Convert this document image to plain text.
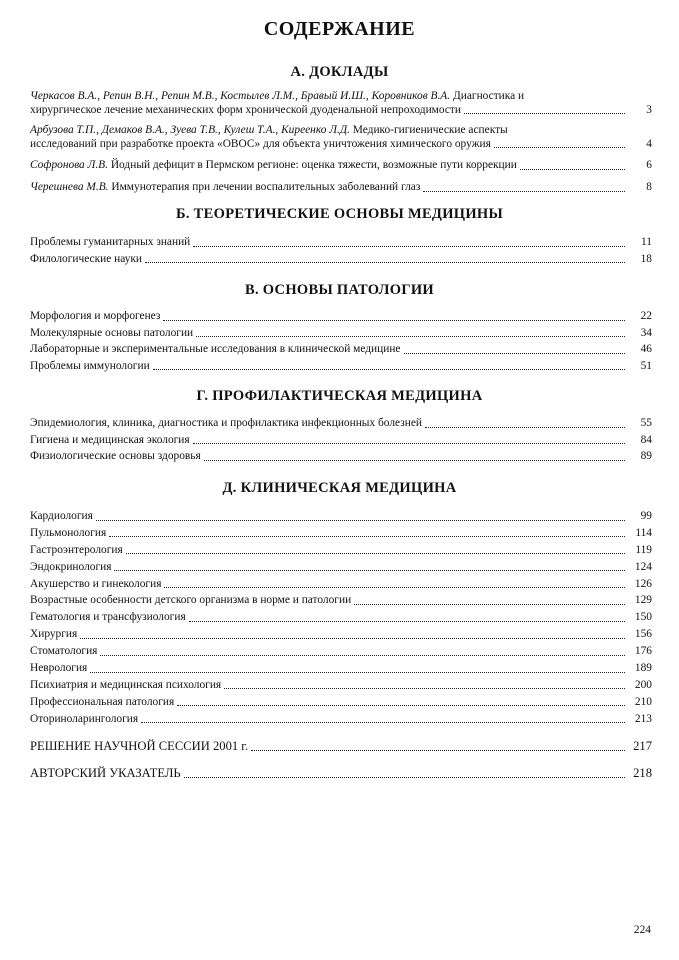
СОДЕРЖАНИЕ
А. ДОКЛАДЫ
Черкасов В.А., Репин В.Н., Репин М.В., Костылев Л.М., Бравый И.Ш., Коровников В.А. Диагностика и
хирургическое лечение механических форм хронической дуоденальной непроходимости	3
Арбузова Т.П., Демаков В.А., Зуева Т.В., Кулеш Т.А., Киреенко Л.Д. Медико-гигиенические аспекты
исследований при разработке проекта «ОВОС» для объекта уничтожения химического оружия	4
Софронова Л.В. Йодный дефицит в Пермском регионе: оценка тяжести, возможные пути коррекции	6
Черешнева М.В. Иммунотерапия при лечении воспалительных заболеваний глаз	8
Б. ТЕОРЕТИЧЕСКИЕ ОСНОВЫ МЕДИЦИНЫ
Проблемы гуманитарных знаний	11
Филологические науки	18
В. ОСНОВЫ ПАТОЛОГИИ
Морфология и морфогенез	22
Молекулярные основы патологии	34
Лабораторные и экспериментальные исследования в клинической медицине	46
Проблемы иммунологии	51
Г. ПРОФИЛАКТИЧЕСКАЯ МЕДИЦИНА
Эпидемиология, клиника, диагностика и профилактика инфекционных болезней	55
Гигиена и медицинская экология	84
Физиологические основы здоровья	89
Д. КЛИНИЧЕСКАЯ МЕДИЦИНА
Кардиология	99
Пульмонология	114
Гастроэнтерология	119
Эндокринология	124
Акушерство и гинекология	126
Возрастные особенности детского организма в норме и патологии	129
Гематология и трансфузиология	150
Хирургия	156
Стоматология	176
Неврология	189
Психиатрия и медицинская психология	200
Профессиональная патология	210
Оториноларингология	213
РЕШЕНИЕ НАУЧНОЙ СЕССИИ 2001 г.	217
АВТОРСКИЙ УКАЗАТЕЛЬ	218
224
